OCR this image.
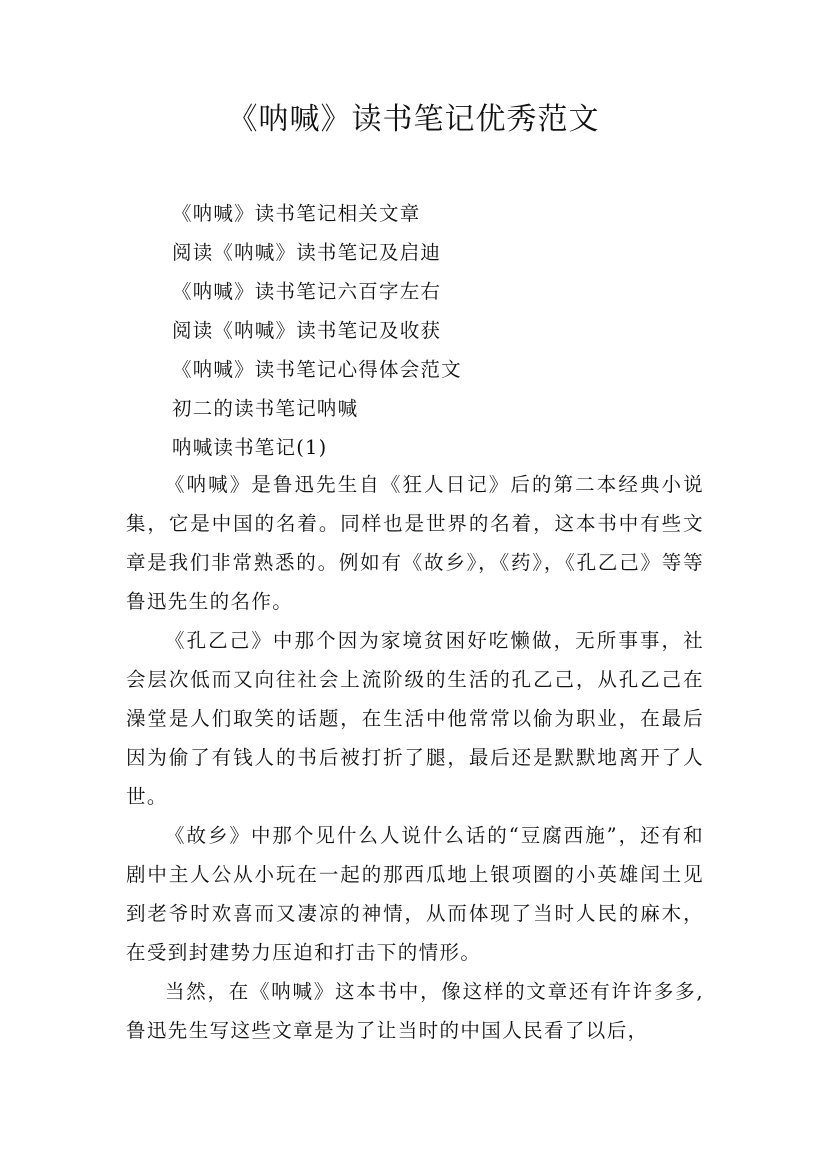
《呐喊》读书笔记优秀范文
《呐喊》读书笔记相关文章
阅读《呐喊》读书笔记及启迪
《呐喊》读书笔记六百字左右
阅读《呐喊》读书笔记及收获
《呐喊》读书笔记心得体会范文
初二的读书笔记呐喊
呐喊读书笔记(1)

《呐喊》是鲁迅先生自《狂人日记》后的第二本经典小说集，它是中国的名着。同样也是世界的名着，这本书中有些文章是我们非常熟悉的。例如有《故乡》，《药》，《孔乙己》等等鲁迅先生的名作。

《孔乙己》中那个因为家境贫困好吃懒做，无所事事，社会层次低而又向往社会上流阶级的生活的孔乙己，从孔乙己在澡堂是人们取笑的话题，在生活中他常常以偷为职业，在最后因为偷了有钱人的书后被打折了腿，最后还是默默地离开了人世。

《故乡》中那个见什么人说什么话的“豆腐西施”，还有和剧中主人公从小玩在一起的那西瓜地上银项圈的小英雄闰土见到老爷时欢喜而又凄凉的神情，从而体现了当时人民的麻木，在受到封建势力压迫和打击下的情形。

当然，在《呐喊》这本书中，像这样的文章还有许许多多,鲁迅先生写这些文章是为了让当时的中国人民看了以后，
